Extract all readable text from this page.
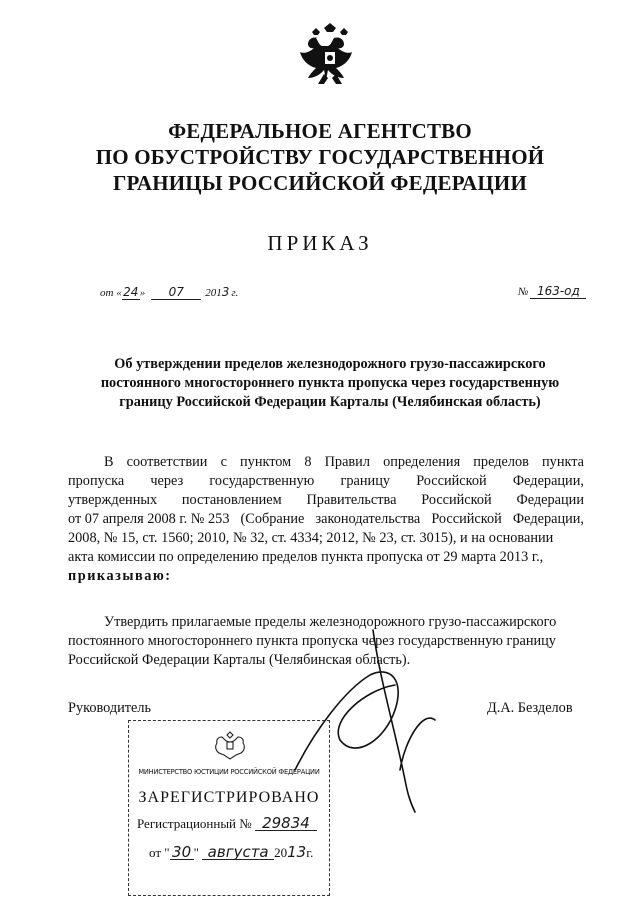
ФЕДЕРАЛЬНОЕ АГЕНТСТВО
ПО ОБУСТРОЙСТВУ ГОСУДАРСТВЕННОЙ
ГРАНИЦЫ РОССИЙСКОЙ ФЕДЕРАЦИИ
ПРИКАЗ
от «24» 07 2013 г.	№ 163-од
Об утверждении пределов железнодорожного грузо-пассажирского
постоянного многостороннего пункта пропуска через государственную
границу Российской Федерации Карталы (Челябинская область)
В соответствии с пунктом 8 Правил определения пределов пункта
пропуска через государственную границу Российской Федерации,
утвержденных постановлением Правительства Российской Федерации
от 07 апреля 2008 г. № 253 (Собрание законодательства Российской Федерации,
2008, № 15, ст. 1560; 2010, № 32, ст. 4334; 2012, № 23, ст. 3015), и на основании
акта комиссии по определению пределов пункта пропуска от 29 марта 2013 г.,
приказываю:
Утвердить прилагаемые пределы железнодорожного грузо-пассажирского
постоянного многостороннего пункта пропуска через государственную границу
Российской Федерации Карталы (Челябинская область).
Руководитель	Д.А. Безделов
МИНИСТЕРСТВО ЮСТИЦИИ РОССИЙСКОЙ ФЕДЕРАЦИИ
ЗАРЕГИСТРИРОВАНО
Регистрационный № 29834
от " 30 " августа 2013г.
